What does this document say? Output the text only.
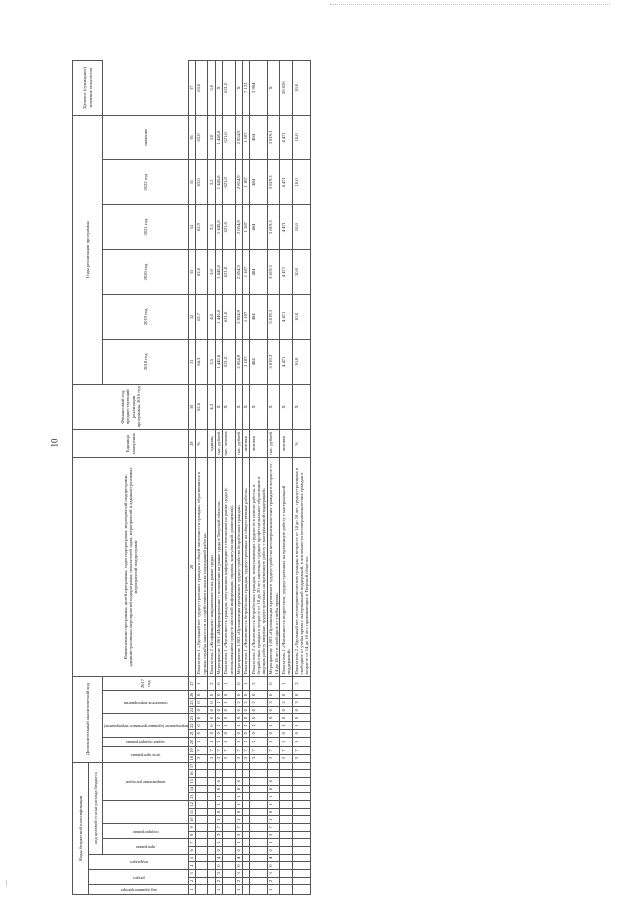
10
Коды бюджетной классификации																	Дополнительный аналитический код										Наименование программы, целей программы, задач подпрограмм, мероприятий подпрограмм, административных мероприятий подпрограмм, показателей задач, мероприятий и административных мероприятий подпрограмм	Единица измерения	Финансовый год, предшествующий реализации программы, 2016 год	Годы реализации программы						Целевое (суммарное) значение показателя

код администратора	раздел		подраздел		код целевой статьи расхода бюджета																															

					программа		подпрограмма					направление расходов					цель программы		задача подпрограммы	мероприятие (административное мероприятие)			показатель мероприятия			2017 год				2018 год	2019 год	2020 год	2021 год	2022 год	значение	

1	2	3	4	5	6	7	8	9	10	11	12	13	14	15	16	17	18	19	20	21	22	23	24	25	26	27	28	29	30	31	32	33	34	35	36	37
																	3	7	1	0	0	0	0	0	0	1	Показатель 1 «Удельный вес трудоустроенных граждан в общей численности граждан, обратившихся в органы службы занятости за содействием в поиске подходящей работы»	%	62,6	64,3	62,7	62,8	62,9	63,0	63,0	63,0
																	3	7	1	0	0	0	0	0	0	2	Показатель 2 «Коэффициент напряженности на рынке труда»	единиц	4,3	3,5	4,0	3,8	3,5	3,2	3,0	3,0
1	2	3	0	4	0	1	3	7	1	0	1	1	0	6			3	7	1	0	1	0	0	1	0	0	Мероприятие 1.001 «Информирование о положении на рынке труда в Тверской области»	тыс. рублей	Х	1 445,8	1 445,8	1 445,8	1 445,8	1 445,8	1 445,8	Х
																	3	7	1	0	1	0	0	1	0	1	Показатель 1 «Численность граждан, получивших информацию о положении на рынке труда (с использованием средств массовой информации, справок, консультаций, размещения)»	тыс. человек	Х	621,0	621,0	621,0	621,0	621,0	621,0	621,0
1	2	3	0	4	0	1	3	7	1	0	1	1	0	6			3	7	1	0	1	0	0	2	0	0	Мероприятие 1.002 «Организация временного трудоустройства безработных граждан»	тыс. рублей	Х	2 854,9	2 854,9	2 854,9	2 854,9	2 854,9	2 854,9	Х
																	3	7	1	0	1	0	0	2	0	1	Показатель 1 «Численность безработных граждан, трудоустроенных на общественные работы»	человек	Х	1 187	1 187	1 187	1 187	1 187	1 187	7 122
																	3	7	1	0	1	0	0	2	0	2	Показатель 2 «Численность безработных граждан, испытывающих трудности в поиске работы, и безработных граждан в возрасте от 18 до 20 лет, имеющих среднее профессиональное образование и ищущих работу впервые, трудоустроенных на временную работу с материальной поддержкой»	человек	Х	484	484	484	484	484	484	2 904
1	2	3	0	4	0	1	3	7	1	0	1	1	0	6			3	7	1	0	1	0	0	3	0	0	Мероприятие 1.003 «Организация временного трудоустройства несовершеннолетних граждан в возрасте от 14 до 18 лет в свободное от учебы время»	тыс. рублей	Х	3 819,3	3 819,3	3 819,3	3 819,3	3 819,3	3 819,3	Х
																	3	7	1	0	1	0	0	3	0	1	Показатель 1 «Численность подростков, трудоустроенных на временную работу с материальной поддержкой»	человек	Х	4 471	4 471	4 471	4 471	4 471	4 471	26 826
																	3	7	1	0	1	0	0	3	0	2	Показатель 2 «Удельный вес несовершеннолетних граждан в возрасте от 14 до 18 лет, трудоустроенных в свободное от учебы время с материальной поддержкой, в численности несовершеннолетних граждан в возрасте от 14 до 18 лет, проживающих в Тверской области»	%	Х	10,0	10,0	10,0	10,0	10,0	10,0	10,0
